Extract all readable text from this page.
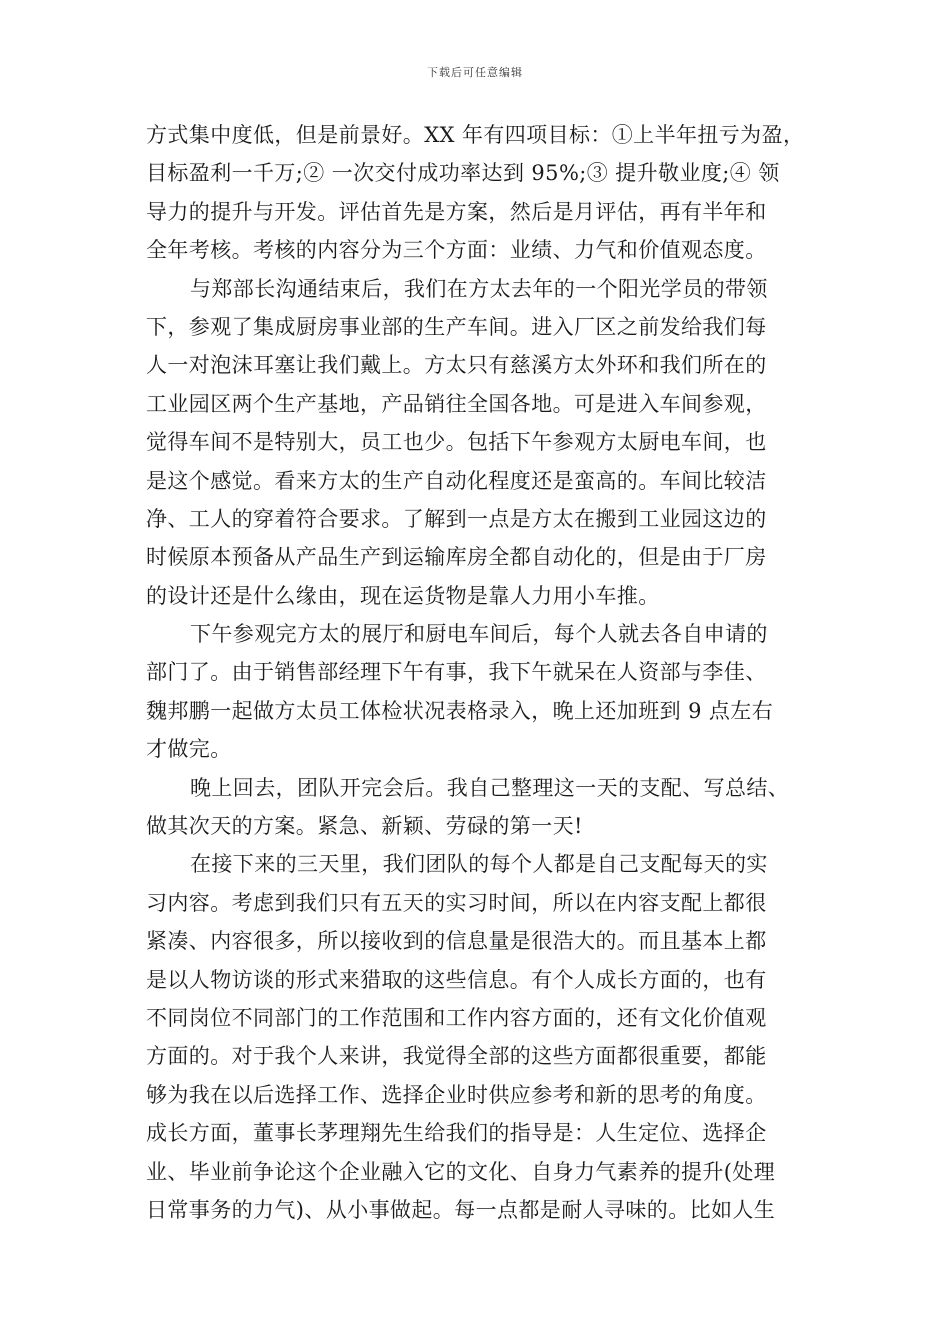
下载后可任意编辑
方式集中度低，但是前景好。XX 年有四项目标：①上半年扭亏为盈，
目标盈利一千万;② 一次交付成功率达到 95%;③ 提升敬业度;④ 领
导力的提升与开发。评估首先是方案，然后是月评估，再有半年和
全年考核。考核的内容分为三个方面：业绩、力气和价值观态度。
与郑部长沟通结束后，我们在方太去年的一个阳光学员的带领
下，参观了集成厨房事业部的生产车间。进入厂区之前发给我们每
人一对泡沫耳塞让我们戴上。方太只有慈溪方太外环和我们所在的
工业园区两个生产基地，产品销往全国各地。可是进入车间参观，
觉得车间不是特别大，员工也少。包括下午参观方太厨电车间，也
是这个感觉。看来方太的生产自动化程度还是蛮高的。车间比较洁
净、工人的穿着符合要求。了解到一点是方太在搬到工业园这边的
时候原本预备从产品生产到运输库房全都自动化的，但是由于厂房
的设计还是什么缘由，现在运货物是靠人力用小车推。
下午参观完方太的展厅和厨电车间后，每个人就去各自申请的
部门了。由于销售部经理下午有事，我下午就呆在人资部与李佳、
魏邦鹏一起做方太员工体检状况表格录入，晚上还加班到 9 点左右
才做完。
晚上回去，团队开完会后。我自己整理这一天的支配、写总结、
做其次天的方案。紧急、新颖、劳碌的第一天!
在接下来的三天里，我们团队的每个人都是自己支配每天的实
习内容。考虑到我们只有五天的实习时间，所以在内容支配上都很
紧凑、内容很多，所以接收到的信息量是很浩大的。而且基本上都
是以人物访谈的形式来猎取的这些信息。有个人成长方面的，也有
不同岗位不同部门的工作范围和工作内容方面的，还有文化价值观
方面的。对于我个人来讲，我觉得全部的这些方面都很重要，都能
够为我在以后选择工作、选择企业时供应参考和新的思考的角度。
成长方面，董事长茅理翔先生给我们的指导是：人生定位、选择企
业、毕业前争论这个企业融入它的文化、自身力气素养的提升(处理
日常事务的力气)、从小事做起。每一点都是耐人寻味的。比如人生
